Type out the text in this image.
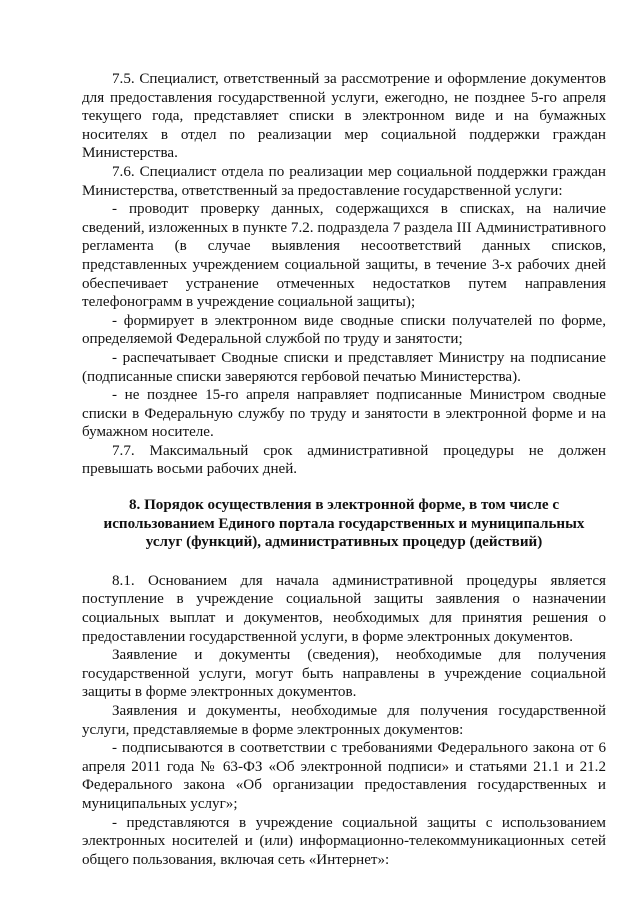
7.5. Специалист, ответственный за рассмотрение и оформление документов для предоставления государственной услуги, ежегодно, не позднее 5-го апреля текущего года, представляет списки в электронном виде и на бумажных носителях в отдел по реализации мер социальной поддержки граждан Министерства.

7.6. Специалист отдела по реализации мер социальной поддержки граждан Министерства, ответственный за предоставление государственной услуги:

- проводит проверку данных, содержащихся в списках, на наличие сведений, изложенных в пункте 7.2. подраздела 7 раздела III Административного регламента (в случае выявления несоответствий данных списков, представленных учреждением социальной защиты, в течение 3-х рабочих дней обеспечивает устранение отмеченных недостатков путем направления телефонограмм в учреждение социальной защиты);

- формирует в электронном виде сводные списки получателей по форме, определяемой Федеральной службой по труду и занятости;

- распечатывает Сводные списки и представляет Министру на подписание (подписанные списки заверяются гербовой печатью Министерства).

- не позднее 15-го апреля направляет подписанные Министром сводные списки в Федеральную службу по труду и занятости в электронной форме и на бумажном носителе.

7.7. Максимальный срок административной процедуры не должен превышать восьми рабочих дней.

8. Порядок осуществления в электронной форме, в том числе с использованием Единого портала государственных и муниципальных услуг (функций), административных процедур (действий)

8.1. Основанием для начала административной процедуры является поступление в учреждение социальной защиты заявления о назначении социальных выплат и документов, необходимых для принятия решения о предоставлении государственной услуги, в форме электронных документов.

Заявление и документы (сведения), необходимые для получения государственной услуги, могут быть направлены в учреждение социальной защиты в форме электронных документов.

Заявления и документы, необходимые для получения государственной услуги, представляемые в форме электронных документов:

- подписываются в соответствии с требованиями Федерального закона от 6 апреля 2011 года № 63-ФЗ «Об электронной подписи» и статьями 21.1 и 21.2 Федерального закона «Об организации предоставления государственных и муниципальных услуг»;

- представляются в учреждение социальной защиты с использованием электронных носителей и (или) информационно-телекоммуникационных сетей общего пользования, включая сеть «Интернет»:
